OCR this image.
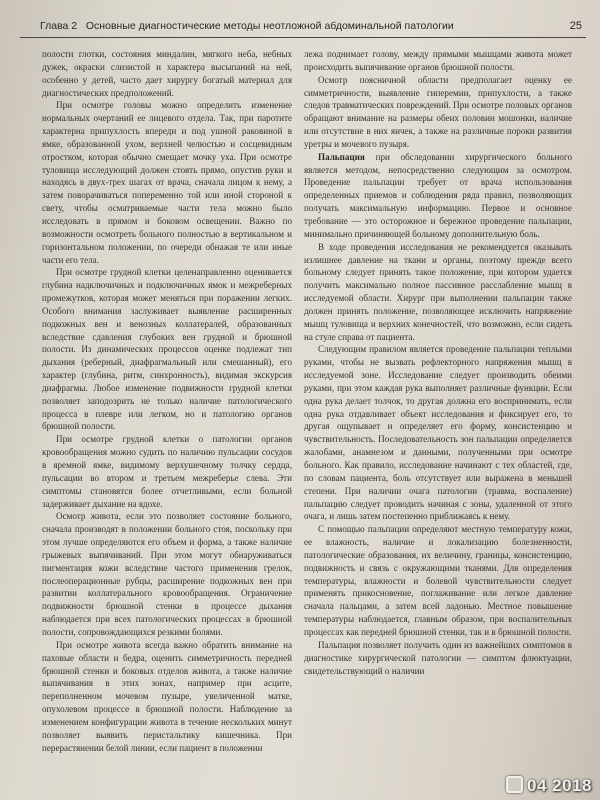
Глава 2 Основные диагностические методы неотложной абдоминальной патологии	25

полости глотки, состояния миндалин, мягкого неба, небных дужек, окраски слизистой и характера высыпаний на ней, особенно у детей, часто дает хирургу богатый материал для диагностических предположений.

При осмотре головы можно определить изменение нормальных очертаний ее лицевого отдела. Так, при паротите характерна припухлость впереди и под ушной раковиной в ямке, образованной ухом, верхней челюстью и сосцевидным отростком, которая обычно смещает мочку уха. При осмотре туловища исследующий должен стоять прямо, опустив руки и находясь в двух-трех шагах от врача, сначала лицом к нему, а затем поворачиваться попеременно той или иной стороной к свету, чтобы осматриваемые части тела можно было исследовать в прямом и боковом освещении. Важно по возможности осмотреть больного полностью в вертикальном и горизонтальном положении, по очереди обнажая те или иные части его тела.

При осмотре грудной клетки целенаправленно оценивается глубина надключичных и подключичных ямок и межреберных промежутков, которая может меняться при поражении легких. Особого внимания заслуживает выявление расширенных подкожных вен и венозных коллатералей, образованных вследствие сдавления глубоких вен грудной и брюшной полости. Из динамических процессов оценке подлежат тип дыхания (реберный, диафрагмальный или смешанный), его характер (глубина, ритм, синхронность), видимая экскурсия диафрагмы. Любое изменение подвижности грудной клетки позволяет заподозрить не только наличие патологического процесса в плевре или легком, но и патологию органов брюшной полости.

При осмотре грудной клетки о патологии органов кровообращения можно судить по наличию пульсации сосудов в яремной ямке, видимому верхушечному толчку сердца, пульсации во втором и третьем межреберье слева. Эти симптомы становятся более отчетливыми, если больной задерживает дыхание на вдохе.

Осмотр живота, если это позволяет состояние больного, сначала производят в положении больного стоя, поскольку при этом лучше определяются его объем и форма, а также наличие грыжевых выпячиваний. При этом могут обнаруживаться пигментация кожи вследствие частого применения грелок, послеоперационные рубцы, расширение подкожных вен при развитии коллатерального кровообращения. Ограничение подвижности брюшной стенки в процессе дыхания наблюдается при всех патологических процессах в брюшной полости, сопровождающихся резкими болями.

При осмотре живота всегда важно обратить внимание на паховые области и бедра, оценить симметричность передней брюшной стенки и боковых отделов живота, а также наличие выпячивания в этих зонах, например при асците, переполненном мочевом пузыре, увеличенной матке, опухолевом процессе в брюшной полости. Наблюдение за изменением конфигурации живота в течение нескольких минут позволяет выявить перистальтику кишечника. При перерастянении белой линии, если пациент в положении

лежа поднимает голову, между прямыми мышцами живота может происходить выпячивание органов брюшной полости.

Осмотр поясничной области предполагает оценку ее симметричности, выявление гиперемии, припухлости, а также следов травматических повреждений. При осмотре половых органов обращают внимание на размеры обеих половин мошонки, наличие или отсутствие в них яичек, а также на различные пороки развития уретры и мочевого пузыря.

Пальпация при обследовании хирургического больного является методом, непосредственно следующим за осмотром. Проведение пальпации требует от врача использования определенных приемов и соблюдения ряда правил, позволяющих получать максимальную информацию. Первое и основное требование — это осторожное и бережное проведение пальпации, минимально причиняющей больному дополнительную боль.

В ходе проведения исследования не рекомендуется оказывать излишнее давление на ткани и органы, поэтому прежде всего больному следует принять такое положение, при котором удается получить максимально полное пассивное расслабление мышц в исследуемой области. Хирург при выполнении пальпации также должен принять положение, позволяющее исключить напряжение мышц туловища и верхних конечностей, что возможно, если сидеть на стуле справа от пациента.

Следующим правилом является проведение пальпации теплыми руками, чтобы не вызвать рефлекторного напряжения мышц в исследуемой зоне. Исследование следует производить обеими руками, при этом каждая рука выполняет различные функции. Если одна рука делает толчок, то другая должна его воспринимать, если одна рука отдавливает объект исследования и фиксирует его, то другая ощупывает и определяет его форму, консистенцию и чувствительность. Последовательность зон пальпации определяется жалобами, анамнезом и данными, полученными при осмотре больного. Как правило, исследование начинают с тех областей, где, по словам пациента, боль отсутствует или выражена в меньшей степени. При наличии очага патологии (травма, воспаление) пальпацию следует проводить начиная с зоны, удаленной от этого очага, и лишь затем постепенно приближаясь к нему.

С помощью пальпации определяют местную температуру кожи, ее влажность, наличие и локализацию болезненности, патологические образования, их величину, границы, консистенцию, подвижность и связь с окружающими тканями. Для определения температуры, влажности и болевой чувствительности следует применять прикосновение, поглаживание или легкое давление сначала пальцами, а затем всей ладонью. Местное повышение температуры наблюдается, главным образом, при воспалительных процессах как передней брюшной стенки, так и в брюшной полости.

Пальпация позволяет получить один из важнейших симптомов в диагностике хирургической патологии — симптом флюктуации, свидетельствующий о наличии

04 2018
